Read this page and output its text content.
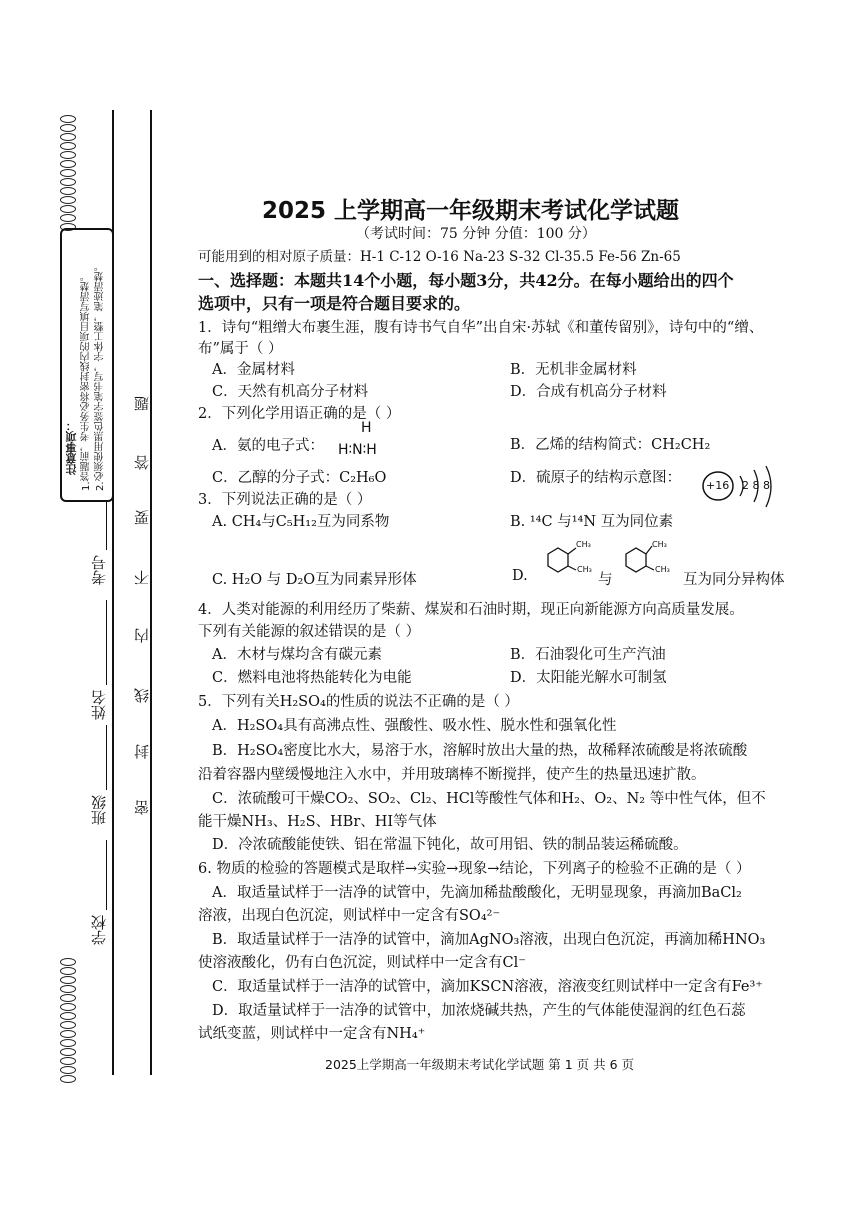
注意事项： 1.答题前，考生务必将密封线内的项目填写清楚。 2.必须使用黑色签字笔书写，字体工整，笔迹清楚。 题
答
要
不
内
线
封
密
考号
姓名
班级
学校
2025 上学期高一年级期末考试化学试题
（考试时间：75 分钟 分值：100 分）
可能用到的相对原子质量：H-1 C-12 O-16 Na-23 S-32 Cl-35.5 Fe-56 Zn-65
一、选择题：本题共14个小题，每小题3分，共42分。在每小题给出的四个
选项中，只有一项是符合题目要求的。
1．诗句“粗缯大布裹生涯，腹有诗书气自华”出自宋·苏轼《和董传留别》，诗句中的“缯、
布”属于（ ）
A．金属材料	B．无机非金属材料
C．天然有机高分子材料	D．合成有机高分子材料
2．下列化学用语正确的是（ ）
A．氨的电子式：
H
H∶N∶H	B．乙烯的结构简式：CH₂CH₂
C．乙醇的分子式：C₂H₆O	D．硫原子的结构示意图： +16 2 8 8
3．下列说法正确的是（ ）
A. CH₄与C₅H₁₂互为同系物	B. ¹⁴C 与¹⁴N 互为同位素
C. H₂O 与 D₂O互为同素异形体	D.
CH₃
CH₃
与
CH₃
CH₃
互为同分异构体
4．人类对能源的利用经历了柴薪、煤炭和石油时期，现正向新能源方向高质量发展。
下列有关能源的叙述错误的是（ ）
A．木材与煤均含有碳元素	B．石油裂化可生产汽油
C．燃料电池将热能转化为电能	D．太阳能光解水可制氢
5．下列有关H₂SO₄的性质的说法不正确的是（ ）
A．H₂SO₄具有高沸点性、强酸性、吸水性、脱水性和强氧化性
B．H₂SO₄密度比水大，易溶于水，溶解时放出大量的热，故稀释浓硫酸是将浓硫酸
沿着容器内壁缓慢地注入水中，并用玻璃棒不断搅拌，使产生的热量迅速扩散。
C．浓硫酸可干燥CO₂、SO₂、Cl₂、HCl等酸性气体和H₂、O₂、N₂ 等中性气体，但不
能干燥NH₃、H₂S、HBr、HI等气体
D．冷浓硫酸能使铁、铝在常温下钝化，故可用铝、铁的制品装运稀硫酸。
6. 物质的检验的答题模式是取样→实验→现象→结论，下列离子的检验不正确的是（ ）
A．取适量试样于一洁净的试管中，先滴加稀盐酸酸化，无明显现象，再滴加BaCl₂
溶液，出现白色沉淀，则试样中一定含有SO₄²⁻
B．取适量试样于一洁净的试管中，滴加AgNO₃溶液，出现白色沉淀，再滴加稀HNO₃
使溶液酸化，仍有白色沉淀，则试样中一定含有Cl⁻
C．取适量试样于一洁净的试管中，滴加KSCN溶液，溶液变红则试样中一定含有Fe³⁺
D．取适量试样于一洁净的试管中，加浓烧碱共热，产生的气体能使湿润的红色石蕊
试纸变蓝，则试样中一定含有NH₄⁺
2025上学期高一年级期末考试化学试题 第 1 页 共 6 页
